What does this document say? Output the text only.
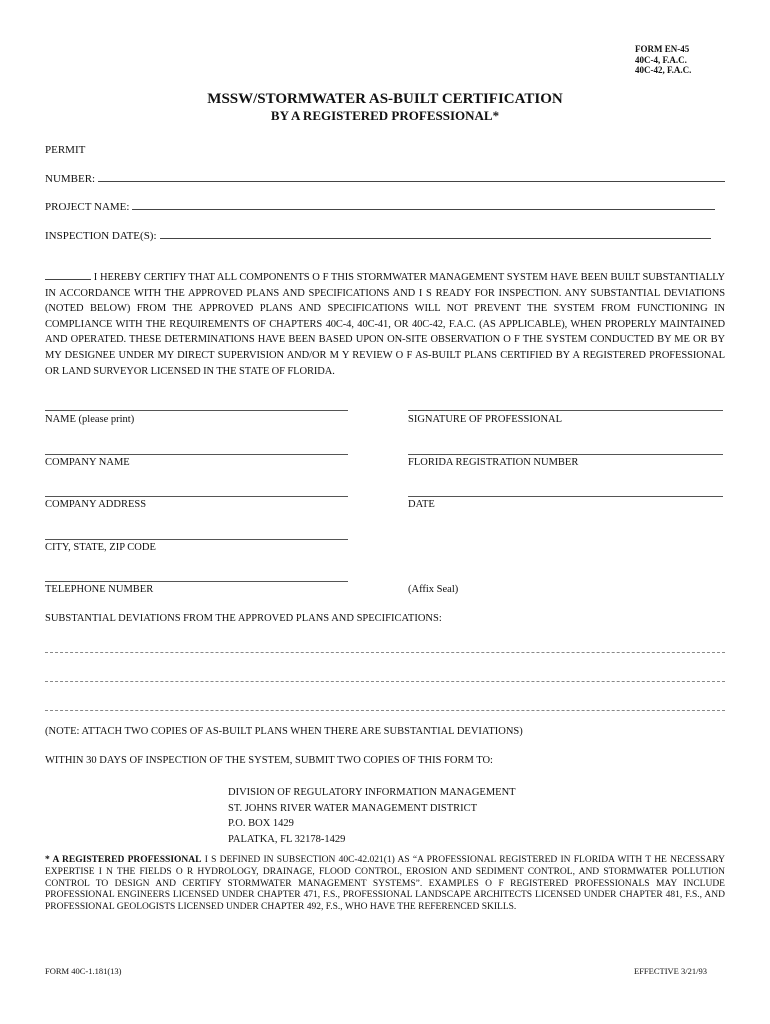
FORM EN-45
40C-4, F.A.C.
40C-42, F.A.C.
MSSW/STORMWATER AS-BUILT CERTIFICATION
BY A REGISTERED PROFESSIONAL*
PERMIT
NUMBER:
PROJECT NAME:
INSPECTION DATE(S):
I HEREBY CERTIFY THAT ALL COMPONENTS O F THIS STORMWATER MANAGEMENT SYSTEM HAVE BEEN BUILT SUBSTANTIALLY IN ACCORDANCE WITH THE APPROVED PLANS AND SPECIFICATIONS AND I S READY FOR INSPECTION. ANY SUBSTANTIAL DEVIATIONS (NOTED BELOW) FROM THE APPROVED PLANS AND SPECIFICATIONS WILL NOT PREVENT THE SYSTEM FROM FUNCTIONING IN COMPLIANCE WITH THE REQUIREMENTS OF CHAPTERS 40C-4, 40C-41, OR 40C-42, F.A.C. (AS APPLICABLE), WHEN PROPERLY MAINTAINED AND OPERATED. THESE DETERMINATIONS HAVE BEEN BASED UPON ON-SITE OBSERVATION O F THE SYSTEM CONDUCTED BY ME OR BY MY DESIGNEE UNDER MY DIRECT SUPERVISION AND/OR M Y REVIEW O F AS-BUILT PLANS CERTIFIED BY A REGISTERED PROFESSIONAL OR LAND SURVEYOR LICENSED IN THE STATE OF FLORIDA.
NAME (please print)	SIGNATURE OF PROFESSIONAL
COMPANY NAME	FLORIDA REGISTRATION NUMBER
COMPANY ADDRESS	DATE
CITY, STATE, ZIP CODE
TELEPHONE NUMBER	(Affix Seal)
SUBSTANTIAL DEVIATIONS FROM THE APPROVED PLANS AND SPECIFICATIONS:
(NOTE: ATTACH TWO COPIES OF AS-BUILT PLANS WHEN THERE ARE SUBSTANTIAL DEVIATIONS)
WITHIN 30 DAYS OF INSPECTION OF THE SYSTEM, SUBMIT TWO COPIES OF THIS FORM TO:
DIVISION OF REGULATORY INFORMATION MANAGEMENT
ST. JOHNS RIVER WATER MANAGEMENT DISTRICT
P.O. BOX 1429
PALATKA, FL 32178-1429
* A REGISTERED PROFESSIONAL I S DEFINED IN SUBSECTION 40C-42.021(1) AS “A PROFESSIONAL REGISTERED IN FLORIDA WITH T HE NECESSARY EXPERTISE I N THE FIELDS O R HYDROLOGY, DRAINAGE, FLOOD CONTROL, EROSION AND SEDIMENT CONTROL, AND STORMWATER POLLUTION CONTROL TO DESIGN AND CERTIFY STORMWATER MANAGEMENT SYSTEMS”. EXAMPLES O F REGISTERED PROFESSIONALS MAY INCLUDE PROFESSIONAL ENGINEERS LICENSED UNDER CHAPTER 471, F.S., PROFESSIONAL LANDSCAPE ARCHITECTS LICENSED UNDER CHAPTER 481, F.S., AND PROFESSIONAL GEOLOGISTS LICENSED UNDER CHAPTER 492, F.S., WHO HAVE THE REFERENCED SKILLS.
FORM 40C-1.181(13)	EFFECTIVE 3/21/93
